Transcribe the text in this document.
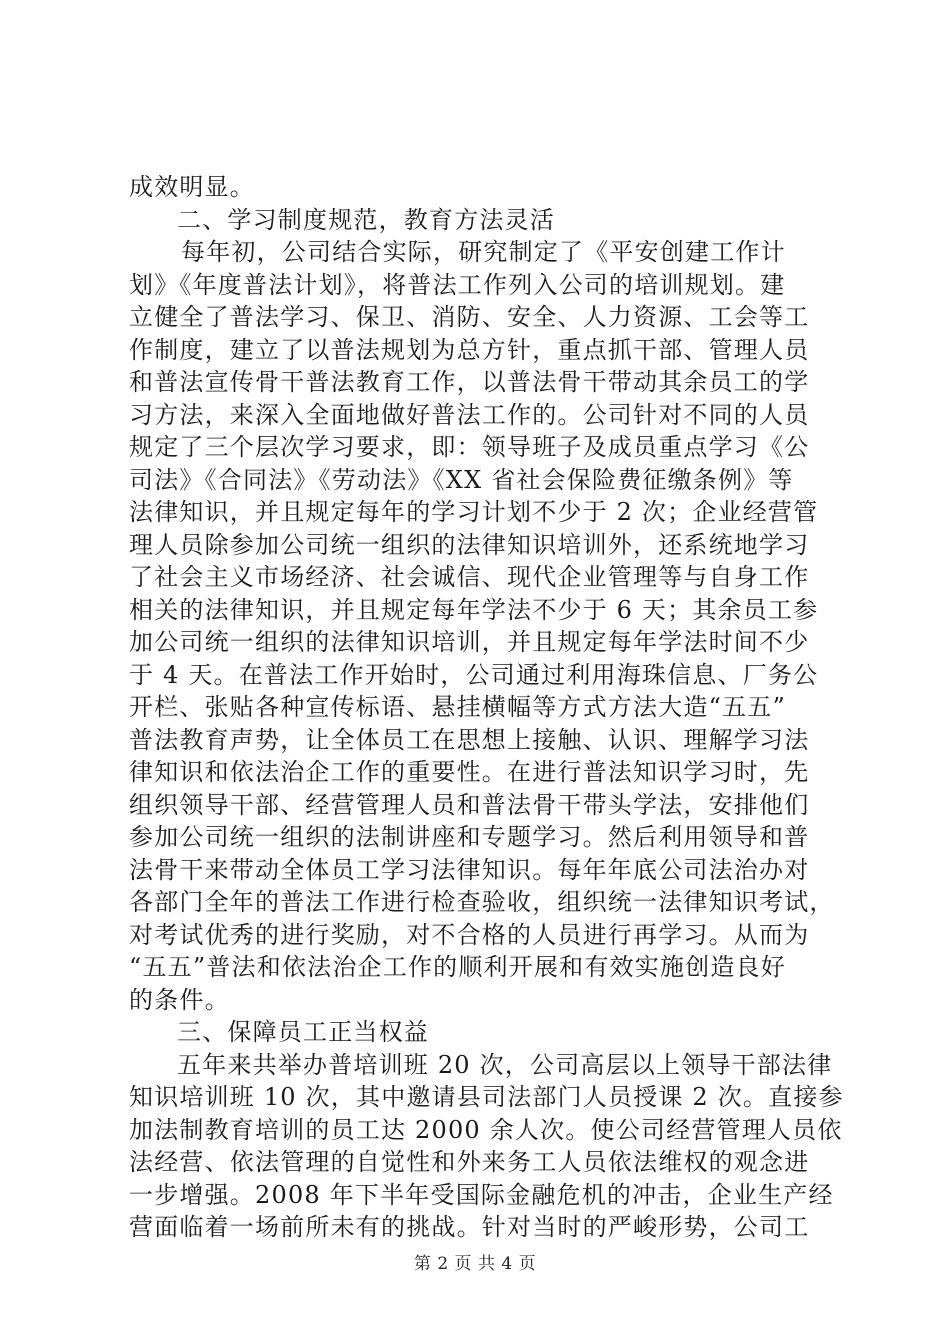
成效明显。
二、学习制度规范，教育方法灵活
每年初，公司结合实际，研究制定了《平安创建工作计
划》《年度普法计划》，将普法工作列入公司的培训规划。建
立健全了普法学习、保卫、消防、安全、人力资源、工会等工
作制度，建立了以普法规划为总方针，重点抓干部、管理人员
和普法宣传骨干普法教育工作，以普法骨干带动其余员工的学
习方法，来深入全面地做好普法工作的。公司针对不同的人员
规定了三个层次学习要求，即：领导班子及成员重点学习《公
司法》《合同法》《劳动法》《XX 省社会保险费征缴条例》等
法律知识，并且规定每年的学习计划不少于 2 次；企业经营管
理人员除参加公司统一组织的法律知识培训外，还系统地学习
了社会主义市场经济、社会诚信、现代企业管理等与自身工作
相关的法律知识，并且规定每年学法不少于 6 天；其余员工参
加公司统一组织的法律知识培训，并且规定每年学法时间不少
于 4 天。在普法工作开始时，公司通过利用海珠信息、厂务公
开栏、张贴各种宣传标语、悬挂横幅等方式方法大造“五五”
普法教育声势，让全体员工在思想上接触、认识、理解学习法
律知识和依法治企工作的重要性。在进行普法知识学习时，先
组织领导干部、经营管理人员和普法骨干带头学法，安排他们
参加公司统一组织的法制讲座和专题学习。然后利用领导和普
法骨干来带动全体员工学习法律知识。每年年底公司法治办对
各部门全年的普法工作进行检查验收，组织统一法律知识考试，
对考试优秀的进行奖励，对不合格的人员进行再学习。从而为
“五五”普法和依法治企工作的顺利开展和有效实施创造良好
的条件。
三、保障员工正当权益
五年来共举办普培训班 20 次，公司高层以上领导干部法律
知识培训班 10 次，其中邀请县司法部门人员授课 2 次。直接参
加法制教育培训的员工达 2000 余人次。使公司经营管理人员依
法经营、依法管理的自觉性和外来务工人员依法维权的观念进
一步增强。2008 年下半年受国际金融危机的冲击，企业生产经
营面临着一场前所未有的挑战。针对当时的严峻形势，公司工
第 2 页 共 4 页
